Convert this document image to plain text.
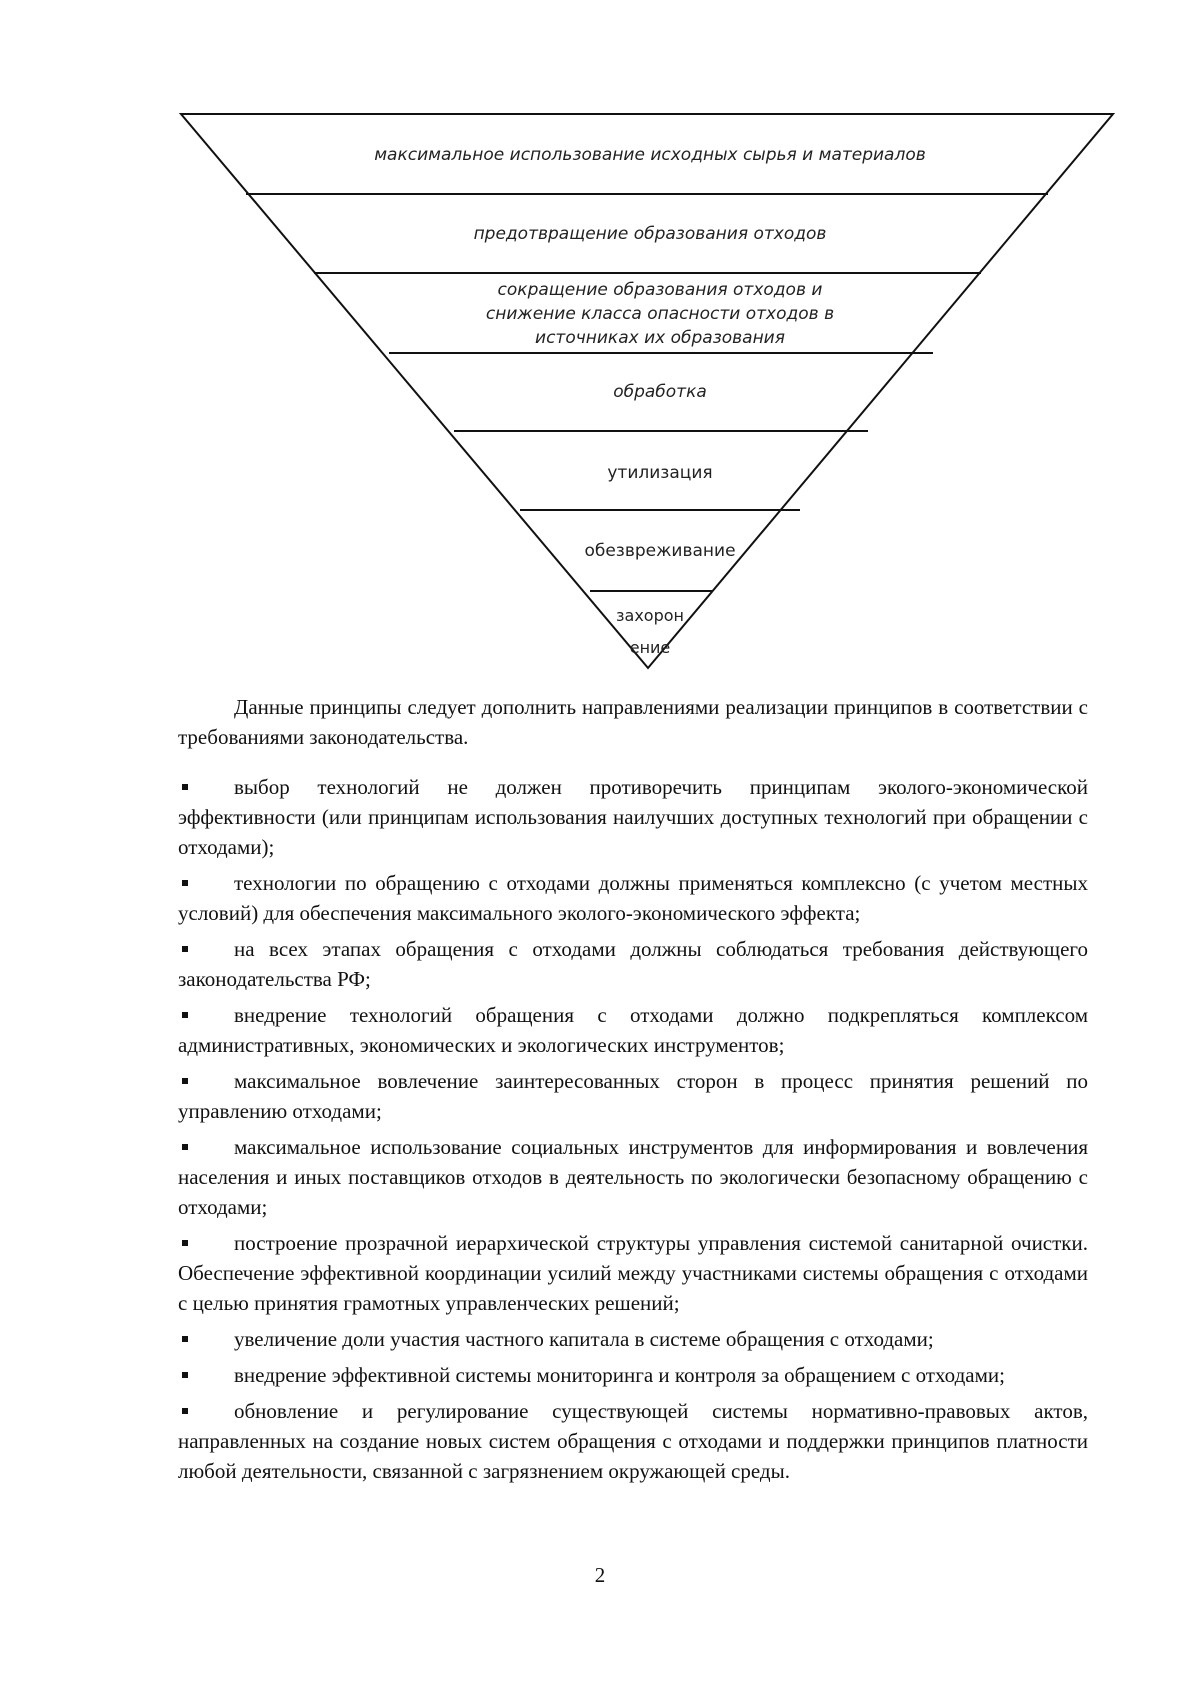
максимальное использование исходных сырья и материалов
предотвращение образования отходов
сокращение образования отходов и
снижение класса опасности отходов в
источниках их образования
обработка
утилизация
обезвреживание
захорон
ение

Данные принципы следует дополнить направлениями реализации принципов в соответствии с требованиями законодательства.

выбор технологий не должен противоречить принципам эколого-экономической эффективности (или принципам использования наилучших доступных технологий при обращении с отходами);
технологии по обращению с отходами должны применяться комплексно (с учетом местных условий) для обеспечения максимального эколого-экономического эффекта;
на всех этапах обращения с отходами должны соблюдаться требования действующего законодательства РФ;
внедрение технологий обращения с отходами должно подкрепляться комплексом административных, экономических и экологических инструментов;
максимальное вовлечение заинтересованных сторон в процесс принятия решений по управлению отходами;
максимальное использование социальных инструментов для информирования и вовлечения населения и иных поставщиков отходов в деятельность по экологически безопасному обращению с отходами;
построение прозрачной иерархической структуры управления системой санитарной очистки. Обеспечение эффективной координации усилий между участниками системы обращения с отходами с целью принятия грамотных управленческих решений;
увеличение доли участия частного капитала в системе обращения с отходами;
внедрение эффективной системы мониторинга и контроля за обращением с отходами;
обновление и регулирование существующей системы нормативно-правовых актов, направленных на создание новых систем обращения с отходами и поддержки принципов платности любой деятельности, связанной с загрязнением окружающей среды.
2
